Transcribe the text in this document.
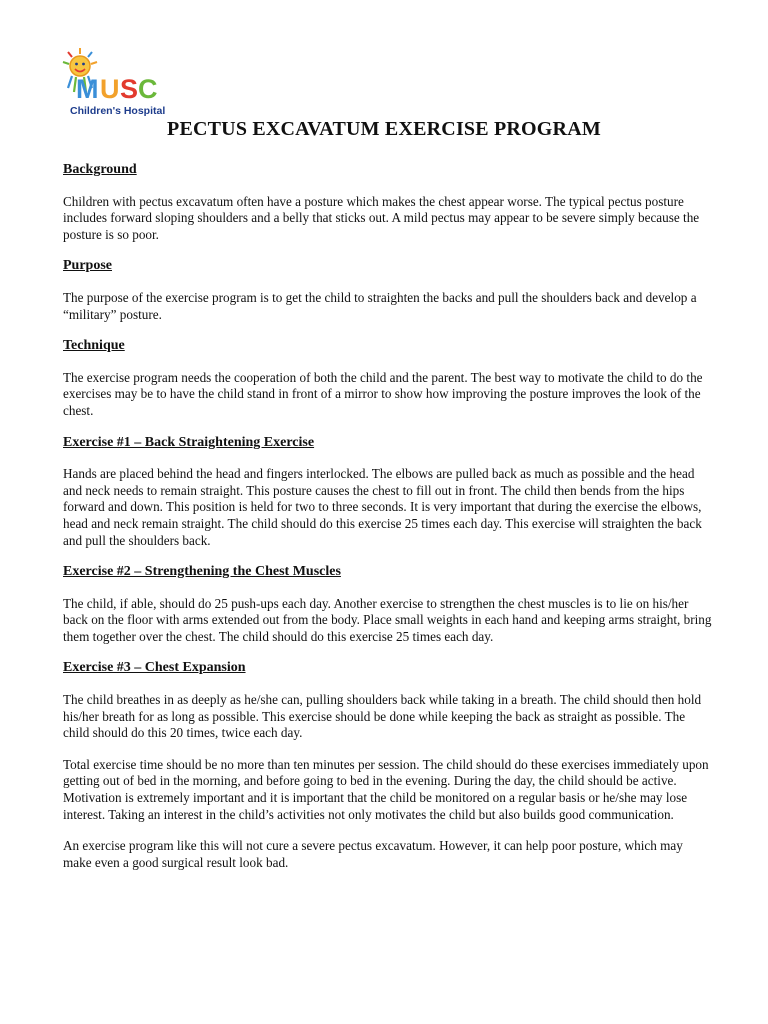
M U S C
Children's Hospital
PECTUS EXCAVATUM EXERCISE PROGRAM

Background

Children with pectus excavatum often have a posture which makes the chest appear worse. The typical pectus posture includes forward sloping shoulders and a belly that sticks out. A mild pectus may appear to be severe simply because the posture is so poor.

Purpose

The purpose of the exercise program is to get the child to straighten the backs and pull the shoulders back and develop a “military” posture.

Technique

The exercise program needs the cooperation of both the child and the parent. The best way to motivate the child to do the exercises may be to have the child stand in front of a mirror to show how improving the posture improves the look of the chest.

Exercise #1 – Back Straightening Exercise

Hands are placed behind the head and fingers interlocked. The elbows are pulled back as much as possible and the head and neck needs to remain straight. This posture causes the chest to fill out in front. The child then bends from the hips forward and down. This position is held for two to three seconds. It is very important that during the exercise the elbows, head and neck remain straight. The child should do this exercise 25 times each day. This exercise will straighten the back and pull the shoulders back.

Exercise #2 – Strengthening the Chest Muscles

The child, if able, should do 25 push-ups each day. Another exercise to strengthen the chest muscles is to lie on his/her back on the floor with arms extended out from the body. Place small weights in each hand and keeping arms straight, bring them together over the chest. The child should do this exercise 25 times each day.

Exercise #3 – Chest Expansion

The child breathes in as deeply as he/she can, pulling shoulders back while taking in a breath. The child should then hold his/her breath for as long as possible. This exercise should be done while keeping the back as straight as possible. The child should do this 20 times, twice each day.

Total exercise time should be no more than ten minutes per session. The child should do these exercises immediately upon getting out of bed in the morning, and before going to bed in the evening. During the day, the child should be active. Motivation is extremely important and it is important that the child be monitored on a regular basis or he/she may lose interest. Taking an interest in the child’s activities not only motivates the child but also builds good communication.

An exercise program like this will not cure a severe pectus excavatum. However, it can help poor posture, which may make even a good surgical result look bad.
